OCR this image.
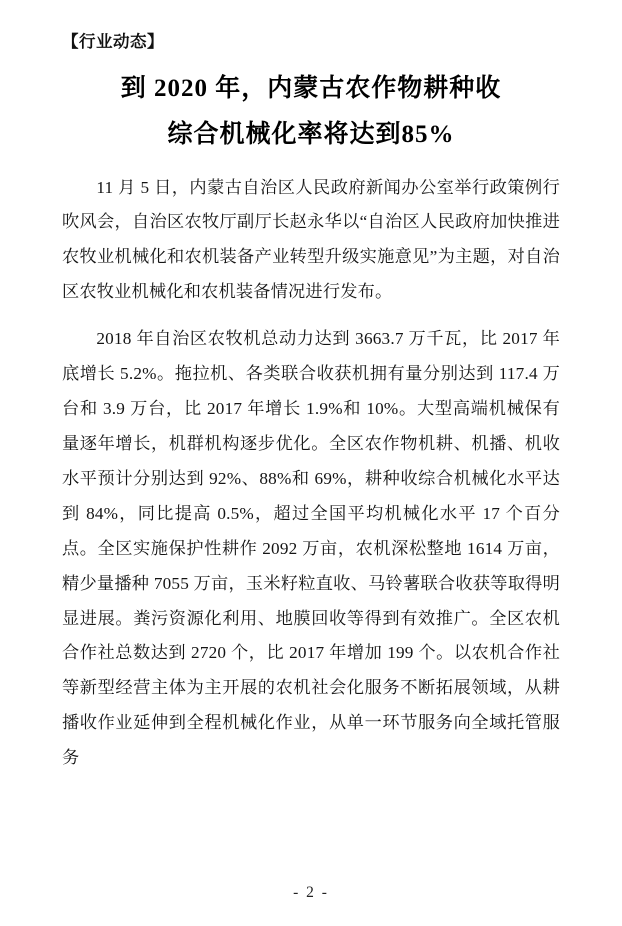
【行业动态】
到 2020 年，内蒙古农作物耕种收
综合机械化率将达到85%

11 月 5 日，内蒙古自治区人民政府新闻办公室举行政策例行吹风会，自治区农牧厅副厅长赵永华以“自治区人民政府加快推进农牧业机械化和农机装备产业转型升级实施意见”为主题，对自治区农牧业机械化和农机装备情况进行发布。

2018 年自治区农牧机总动力达到 3663.7 万千瓦，比 2017 年底增长 5.2%。拖拉机、各类联合收获机拥有量分别达到 117.4 万台和 3.9 万台，比 2017 年增长 1.9%和 10%。大型高端机械保有量逐年增长，机群机构逐步优化。全区农作物机耕、机播、机收水平预计分别达到 92%、88%和 69%，耕种收综合机械化水平达到 84%，同比提高 0.5%，超过全国平均机械化水平 17 个百分点。全区实施保护性耕作 2092 万亩，农机深松整地 1614 万亩，精少量播种 7055 万亩，玉米籽粒直收、马铃薯联合收获等取得明显进展。粪污资源化利用、地膜回收等得到有效推广。全区农机合作社总数达到 2720 个，比 2017 年增加 199 个。以农机合作社等新型经营主体为主开展的农机社会化服务不断拓展领域，从耕播收作业延伸到全程机械化作业，从单一环节服务向全域托管服务

- 2 -
